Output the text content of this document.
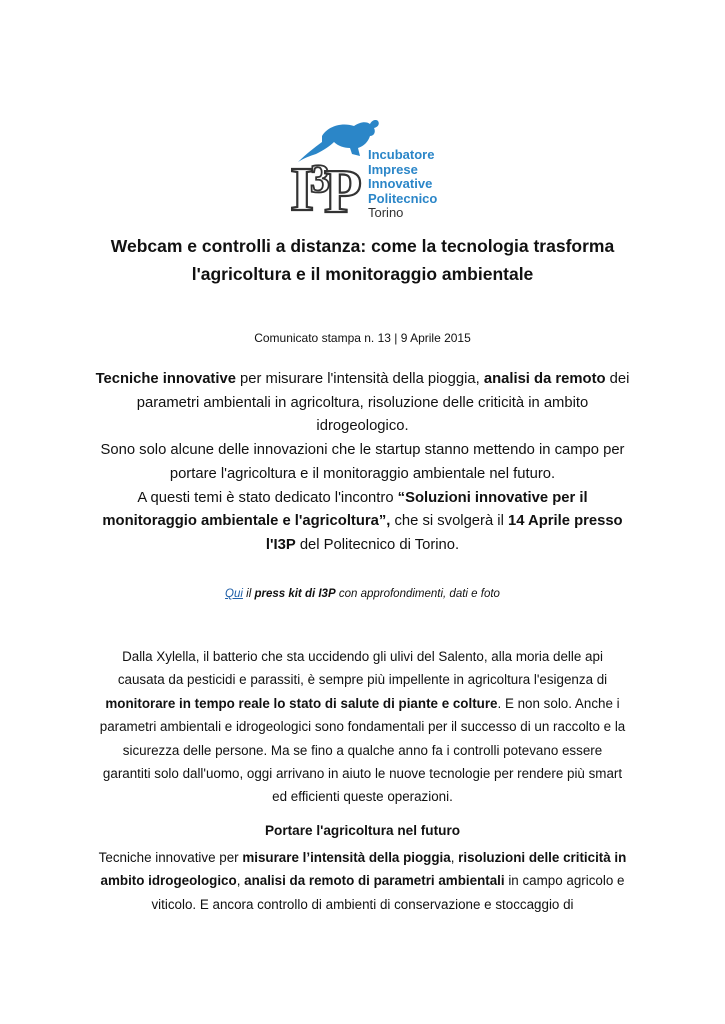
I
3
P
Incubatore
Imprese
Innovative
Politecnico
Torino
Webcam e controlli a distanza: come la tecnologia trasforma
l'agricoltura e il monitoraggio ambientale
Comunicato stampa n. 13 | 9 Aprile 2015
Tecniche innovative per misurare l'intensità della pioggia, analisi da remoto dei parametri ambientali in agricoltura, risoluzione delle criticità in ambito idrogeologico.
Sono solo alcune delle innovazioni che le startup stanno mettendo in campo per portare l'agricoltura e il monitoraggio ambientale nel futuro.
A questi temi è stato dedicato l'incontro “Soluzioni innovative per il monitoraggio ambientale e l'agricoltura”, che si svolgerà il 14 Aprile presso l'I3P del Politecnico di Torino.
Qui il press kit di I3P con approfondimenti, dati e foto
Dalla Xylella, il batterio che sta uccidendo gli ulivi del Salento, alla moria delle api causata da pesticidi e parassiti, è sempre più impellente in agricoltura l'esigenza di monitorare in tempo reale lo stato di salute di piante e colture. E non solo. Anche i parametri ambientali e idrogeologici sono fondamentali per il successo di un raccolto e la sicurezza delle persone. Ma se fino a qualche anno fa i controlli potevano essere garantiti solo dall'uomo, oggi arrivano in aiuto le nuove tecnologie per rendere più smart ed efficienti queste operazioni.
Portare l'agricoltura nel futuro
Tecniche innovative per misurare l’intensità della pioggia, risoluzioni delle criticità in ambito idrogeologico, analisi da remoto di parametri ambientali in campo agricolo e viticolo. E ancora controllo di ambienti di conservazione e stoccaggio di
